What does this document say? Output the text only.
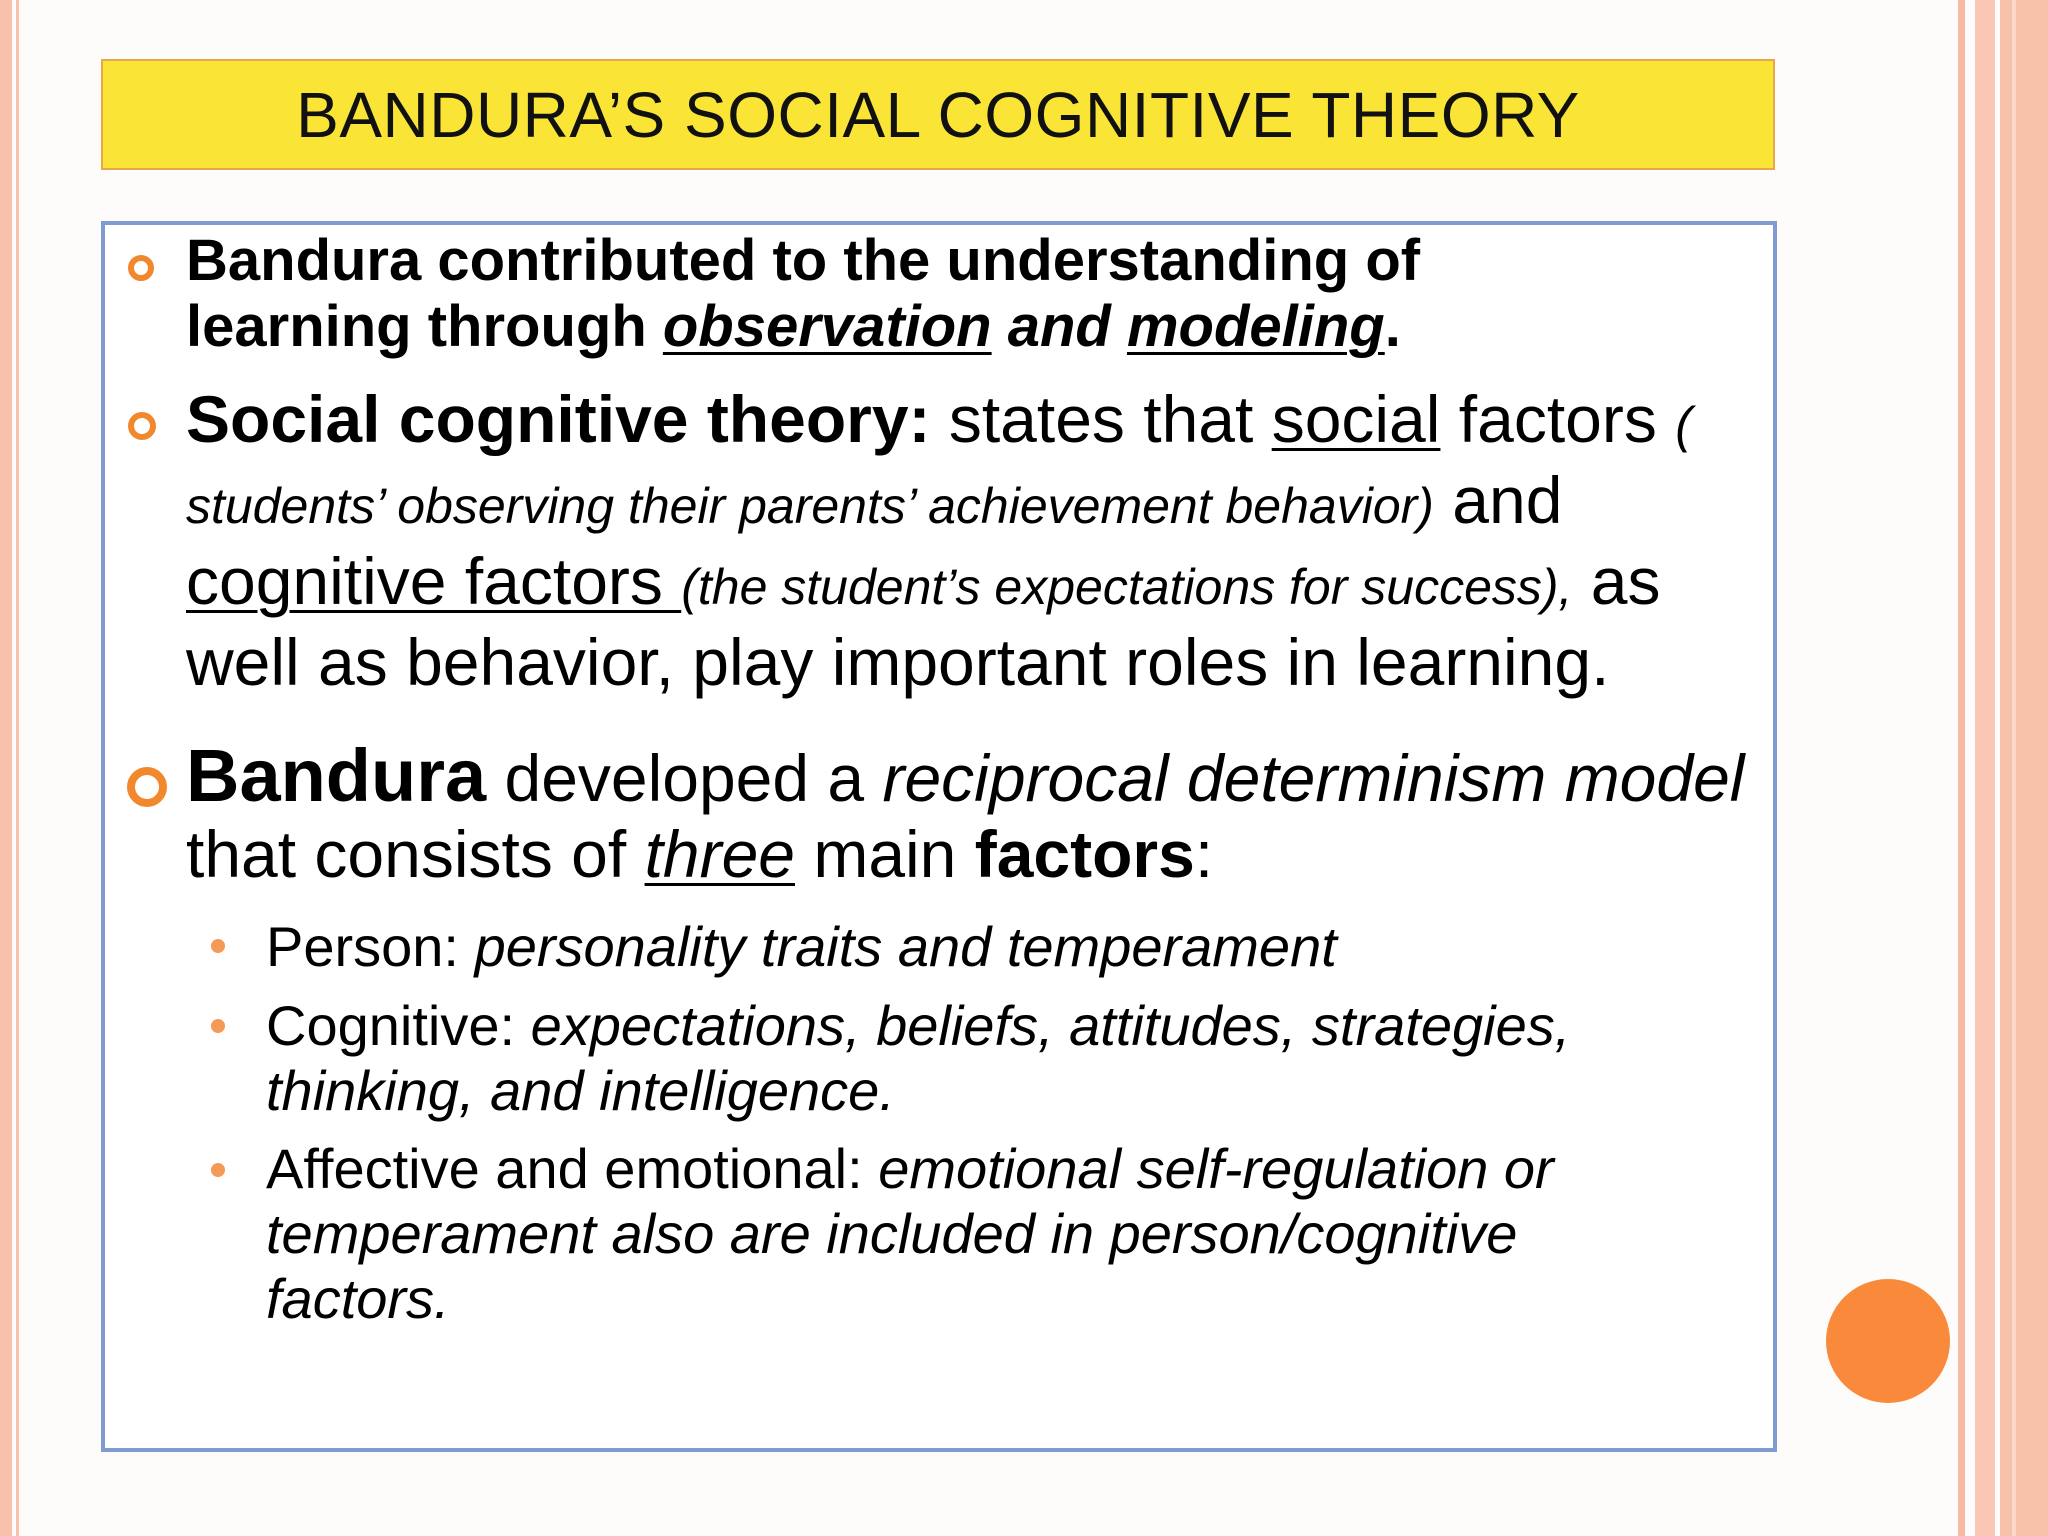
BANDURA’S SOCIAL COGNITIVE THEORY
Bandura contributed to the understanding of
learning through observation and modeling.
Social cognitive theory: states that social factors ( students’ observing their parents’ achievement behavior) and cognitive factors (the student’s expectations for success), as well as behavior, play important roles in learning.
Bandura developed a reciprocal determinism model that consists of three main factors:
Person: personality traits and temperament
Cognitive: expectations, beliefs, attitudes, strategies,
thinking, and intelligence.
Affective and emotional: emotional self-regulation or
temperament also are included in person/cognitive
factors.
